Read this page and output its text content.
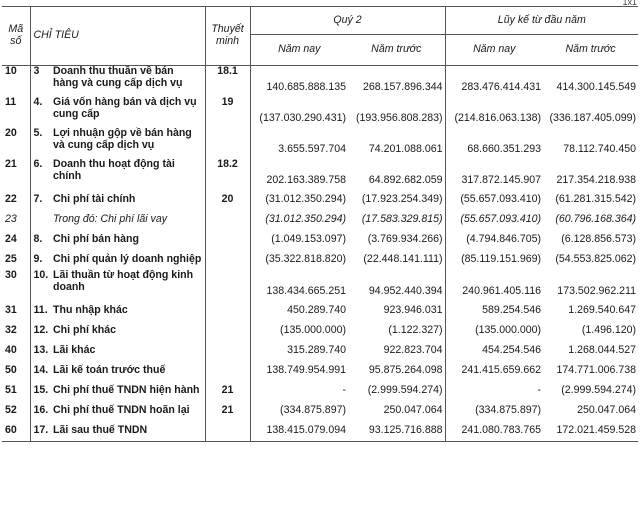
1x1
Mã số	CHỈ TIÊU		Thuyết minh	Quý 2		Lũy kế từ đầu năm	
				Năm nay	Năm trước	Năm nay	Năm trước
10	3	Doanh thu thuần về bán hàng và cung cấp dịch vụ	18.1	140.685.888.135	268.157.896.344	283.476.414.431	414.300.145.549
11	4.	Giá vốn hàng bán và dịch vụ cung cấp	19	(137.030.290.431)	(193.956.808.283)	(214.816.063.138)	(336.187.405.099)
20	5.	Lợi nhuận gộp về bán hàng và cung cấp dịch vụ		3.655.597.704	74.201.088.061	68.660.351.293	78.112.740.450
21	6.	Doanh thu hoạt động tài chính	18.2	202.163.389.758	64.892.682.059	317.872.145.907	217.354.218.938
22	7.	Chi phí tài chính	20	(31.012.350.294)	(17.923.254.349)	(55.657.093.410)	(61.281.315.542)
23		Trong đó: Chi phí lãi vay		(31.012.350.294)	(17.583.329.815)	(55.657.093.410)	(60.796.168.364)
24	8.	Chi phí bán hàng		(1.049.153.097)	(3.769.934.266)	(4.794.846.705)	(6.128.856.573)
25	9.	Chi phí quản lý doanh nghiệp		(35.322.818.820)	(22.448.141.111)	(85.119.151.969)	(54.553.825.062)
30	10.	Lãi thuần từ hoạt động kinh doanh		138.434.665.251	94.952.440.394	240.961.405.116	173.502.962.211
31	11.	Thu nhập khác		450.289.740	923.946.031	589.254.546	1.269.540.647
32	12.	Chi phí khác		(135.000.000)	(1.122.327)	(135.000.000)	(1.496.120)
40	13.	Lãi khác		315.289.740	922.823.704	454.254.546	1.268.044.527
50	14.	Lãi kế toán trước thuế		138.749.954.991	95.875.264.098	241.415.659.662	174.771.006.738
51	15.	Chi phí thuế TNDN hiện hành	21	-	(2.999.594.274)	-	(2.999.594.274)
52	16.	Chi phí thuế TNDN hoãn lại	21	(334.875.897)	250.047.064	(334.875.897)	250.047.064
60	17.	Lãi sau thuế TNDN		138.415.079.094	93.125.716.888	241.080.783.765	172.021.459.528
